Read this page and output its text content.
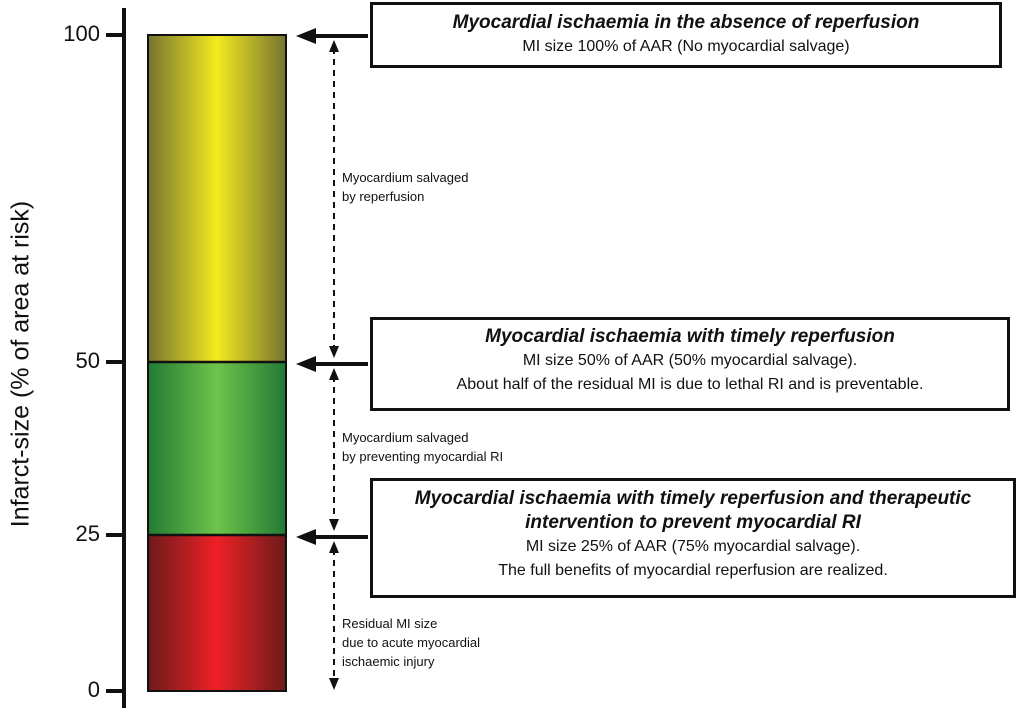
Infarct-size (% of area at risk)
100
50
25
0
Myocardial ischaemia in the absence of reperfusion
MI size 100% of AAR (No myocardial salvage)
Myocardial ischaemia with timely reperfusion
MI size 50% of AAR (50% myocardial salvage).
About half of the residual MI is due to lethal RI and is preventable.
Myocardial ischaemia with timely reperfusion and therapeutic
intervention to prevent myocardial RI
MI size 25% of AAR (75% myocardial salvage).
The full benefits of myocardial reperfusion are realized.
Myocardium salvaged
by reperfusion
Myocardium salvaged
by preventing myocardial RI
Residual MI size
due to acute myocardial
ischaemic injury
